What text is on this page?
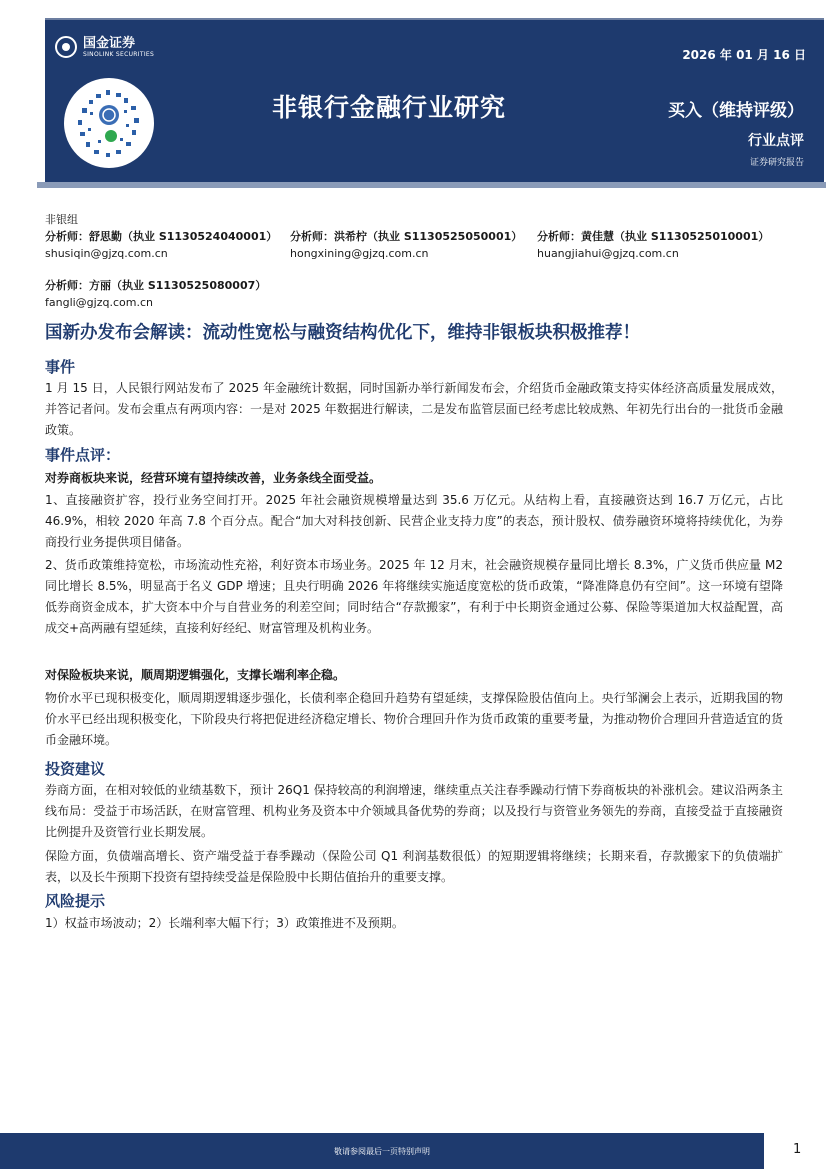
国金证券
SINOLINK SECURITIES	2026 年 01 月 16 日
非银行金融行业研究	买入（维持评级）
行业点评
证券研究报告
非银组
分析师：舒思勤（执业 S1130524040001）
shusiqin@gjzq.com.cn
分析师：洪希柠（执业 S1130525050001）
hongxining@gjzq.com.cn
分析师：黄佳慧（执业 S1130525010001）
huangjiahui@gjzq.com.cn
分析师：方丽（执业 S1130525080007）
fangli@gjzq.com.cn
国新办发布会解读：流动性宽松与融资结构优化下，维持非银板块积极推荐！
事件
1 月 15 日，人民银行网站发布了 2025 年金融统计数据，同时国新办举行新闻发布会，介绍货币金融政策支持实体经济高质量发展成效，并答记者问。发布会重点有两项内容：一是对 2025 年数据进行解读，二是发布监管层面已经考虑比较成熟、年初先行出台的一批货币金融政策。
事件点评：
对券商板块来说，经营环境有望持续改善，业务条线全面受益。
1、直接融资扩容，投行业务空间打开。2025 年社会融资规模增量达到 35.6 万亿元。从结构上看，直接融资达到 16.7 万亿元，占比 46.9%，相较 2020 年高 7.8 个百分点。配合“加大对科技创新、民营企业支持力度”的表态，预计股权、债券融资环境将持续优化，为券商投行业务提供项目储备。
2、货币政策维持宽松，市场流动性充裕，利好资本市场业务。2025 年 12 月末，社会融资规模存量同比增长 8.3%，广义货币供应量 M2 同比增长 8.5%，明显高于名义 GDP 增速；且央行明确 2026 年将继续实施适度宽松的货币政策，“降准降息仍有空间”。这一环境有望降低券商资金成本，扩大资本中介与自营业务的利差空间；同时结合“存款搬家”，有利于中长期资金通过公募、保险等渠道加大权益配置，高成交+高两融有望延续，直接利好经纪、财富管理及机构业务。
对保险板块来说，顺周期逻辑强化，支撑长端利率企稳。
物价水平已现积极变化，顺周期逻辑逐步强化，长债利率企稳回升趋势有望延续，支撑保险股估值向上。央行邹澜会上表示，近期我国的物价水平已经出现积极变化，下阶段央行将把促进经济稳定增长、物价合理回升作为货币政策的重要考量，为推动物价合理回升营造适宜的货币金融环境。
投资建议
券商方面，在相对较低的业绩基数下，预计 26Q1 保持较高的利润增速，继续重点关注春季躁动行情下券商板块的补涨机会。建议沿两条主线布局：受益于市场活跃，在财富管理、机构业务及资本中介领域具备优势的券商；以及投行与资管业务领先的券商，直接受益于直接融资比例提升及资管行业长期发展。
保险方面，负债端高增长、资产端受益于春季躁动（保险公司 Q1 利润基数很低）的短期逻辑将继续；长期来看，存款搬家下的负债端扩表，以及长牛预期下投资有望持续受益是保险股中长期估值抬升的重要支撑。
风险提示
1）权益市场波动；2）长端利率大幅下行；3）政策推进不及预期。
敬请参阅最后一页特别声明	1
